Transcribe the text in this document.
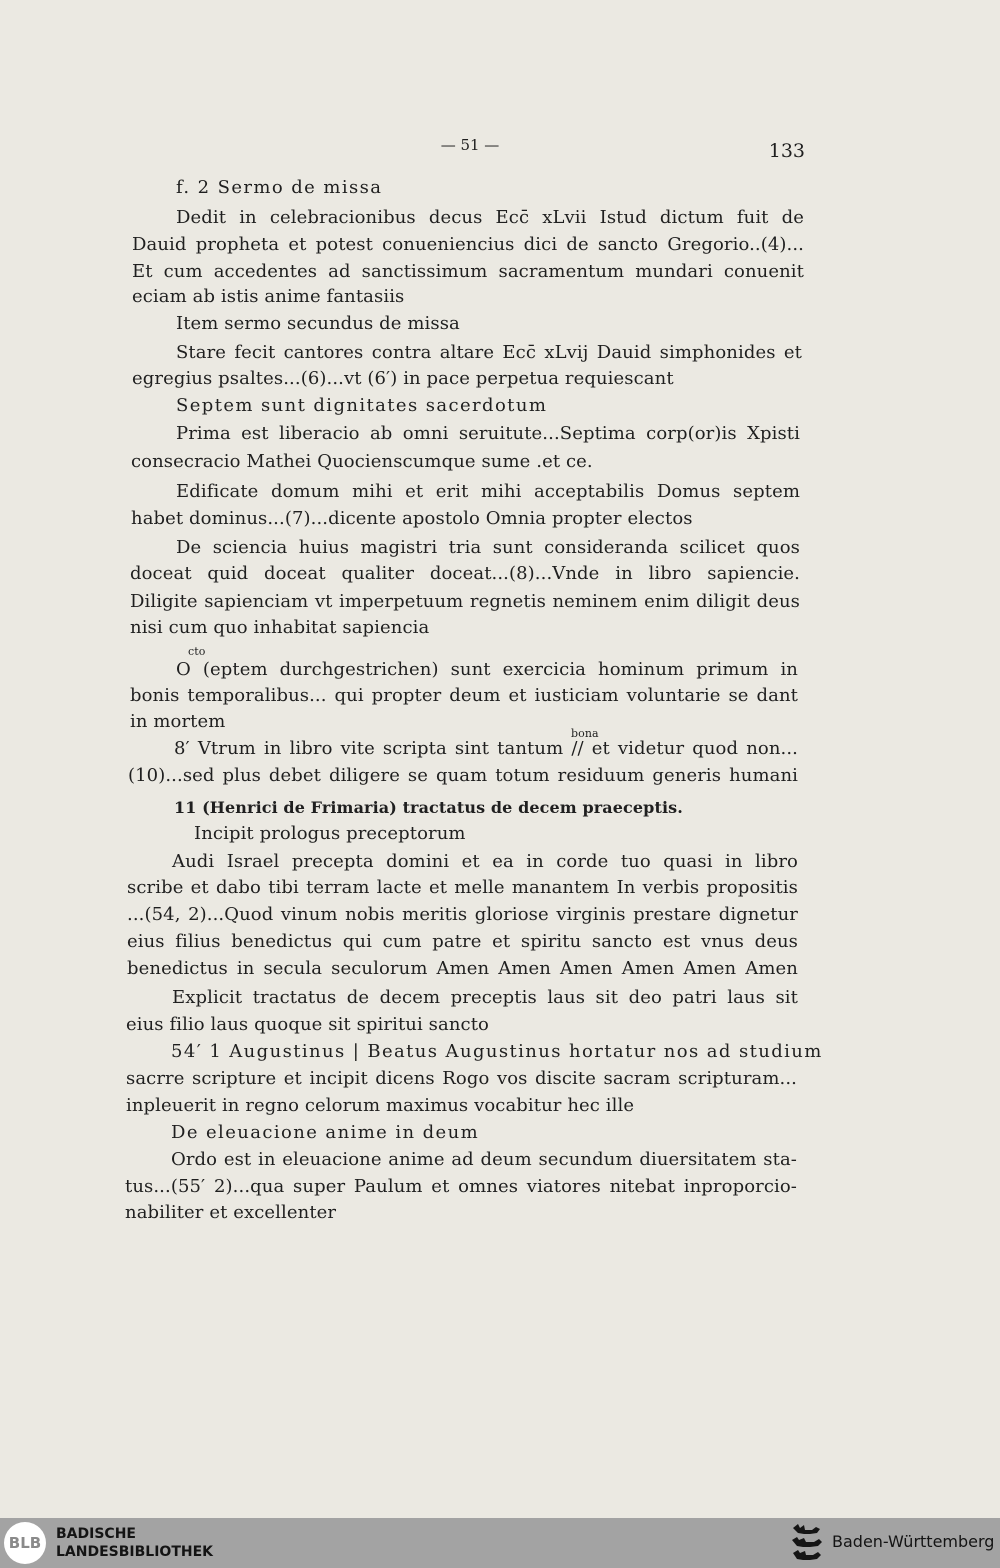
— 51 —	133
f. 2 Sermo de missa
Dedit in celebracionibus decus Ecc̄ xLvii Istud dictum fuit de
Dauid propheta et potest conueniencius dici de sancto Gregorio..(4)...
Et cum accedentes ad sanctissimum sacramentum mundari conuenit
eciam ab istis anime fantasiis
Item sermo secundus de missa
Stare fecit cantores contra altare Ecc̄ xLvij Dauid simphonides et
egregius psaltes...(6)...vt (6′) in pace perpetua requiescant
Septem sunt dignitates sacerdotum
Prima est liberacio ab omni seruitute...Septima corp(or)is Xpisti
consecracio Mathei Quocienscumque sume .et ce.
Edificate domum mihi et erit mihi acceptabilis Domus septem
habet dominus...(7)...dicente apostolo Omnia propter electos
De sciencia huius magistri tria sunt consideranda scilicet quos
doceat quid doceat qualiter doceat...(8)...Vnde in libro sapiencie.
Diligite sapienciam vt imperpetuum regnetis neminem enim diligit deus
nisi cum quo inhabitat sapiencia
cto
O (eptem durchgestrichen) sunt exercicia hominum primum in
bonis temporalibus... qui propter deum et iusticiam voluntarie se dant
in mortem
bona
8′ Vtrum in libro vite scripta sint tantum // et videtur quod non...
(10)...sed plus debet diligere se quam totum residuum generis humani
11 (Henrici de Frimaria) tractatus de decem praeceptis.
Incipit prologus preceptorum
Audi Israel precepta domini et ea in corde tuo quasi in libro
scribe et dabo tibi terram lacte et melle manantem In verbis propositis
...(54, 2)...Quod vinum nobis meritis gloriose virginis prestare dignetur
eius filius benedictus qui cum patre et spiritu sancto est vnus deus
benedictus in secula seculorum Amen Amen Amen Amen Amen Amen
Explicit tractatus de decem preceptis laus sit deo patri laus sit
eius filio laus quoque sit spiritui sancto
54′ 1 Augustinus | Beatus Augustinus hortatur nos ad studium
sacrre scripture et incipit dicens Rogo vos discite sacram scripturam...
inpleuerit in regno celorum maximus vocabitur hec ille
De eleuacione anime in deum
Ordo est in eleuacione anime ad deum secundum diuersitatem sta-
tus...(55′ 2)...qua super Paulum et omnes viatores nitebat inproporcio-
nabiliter et excellenter
BLB	BADISCHE
LANDESBIBLIOTHEK
Baden-Württemberg
